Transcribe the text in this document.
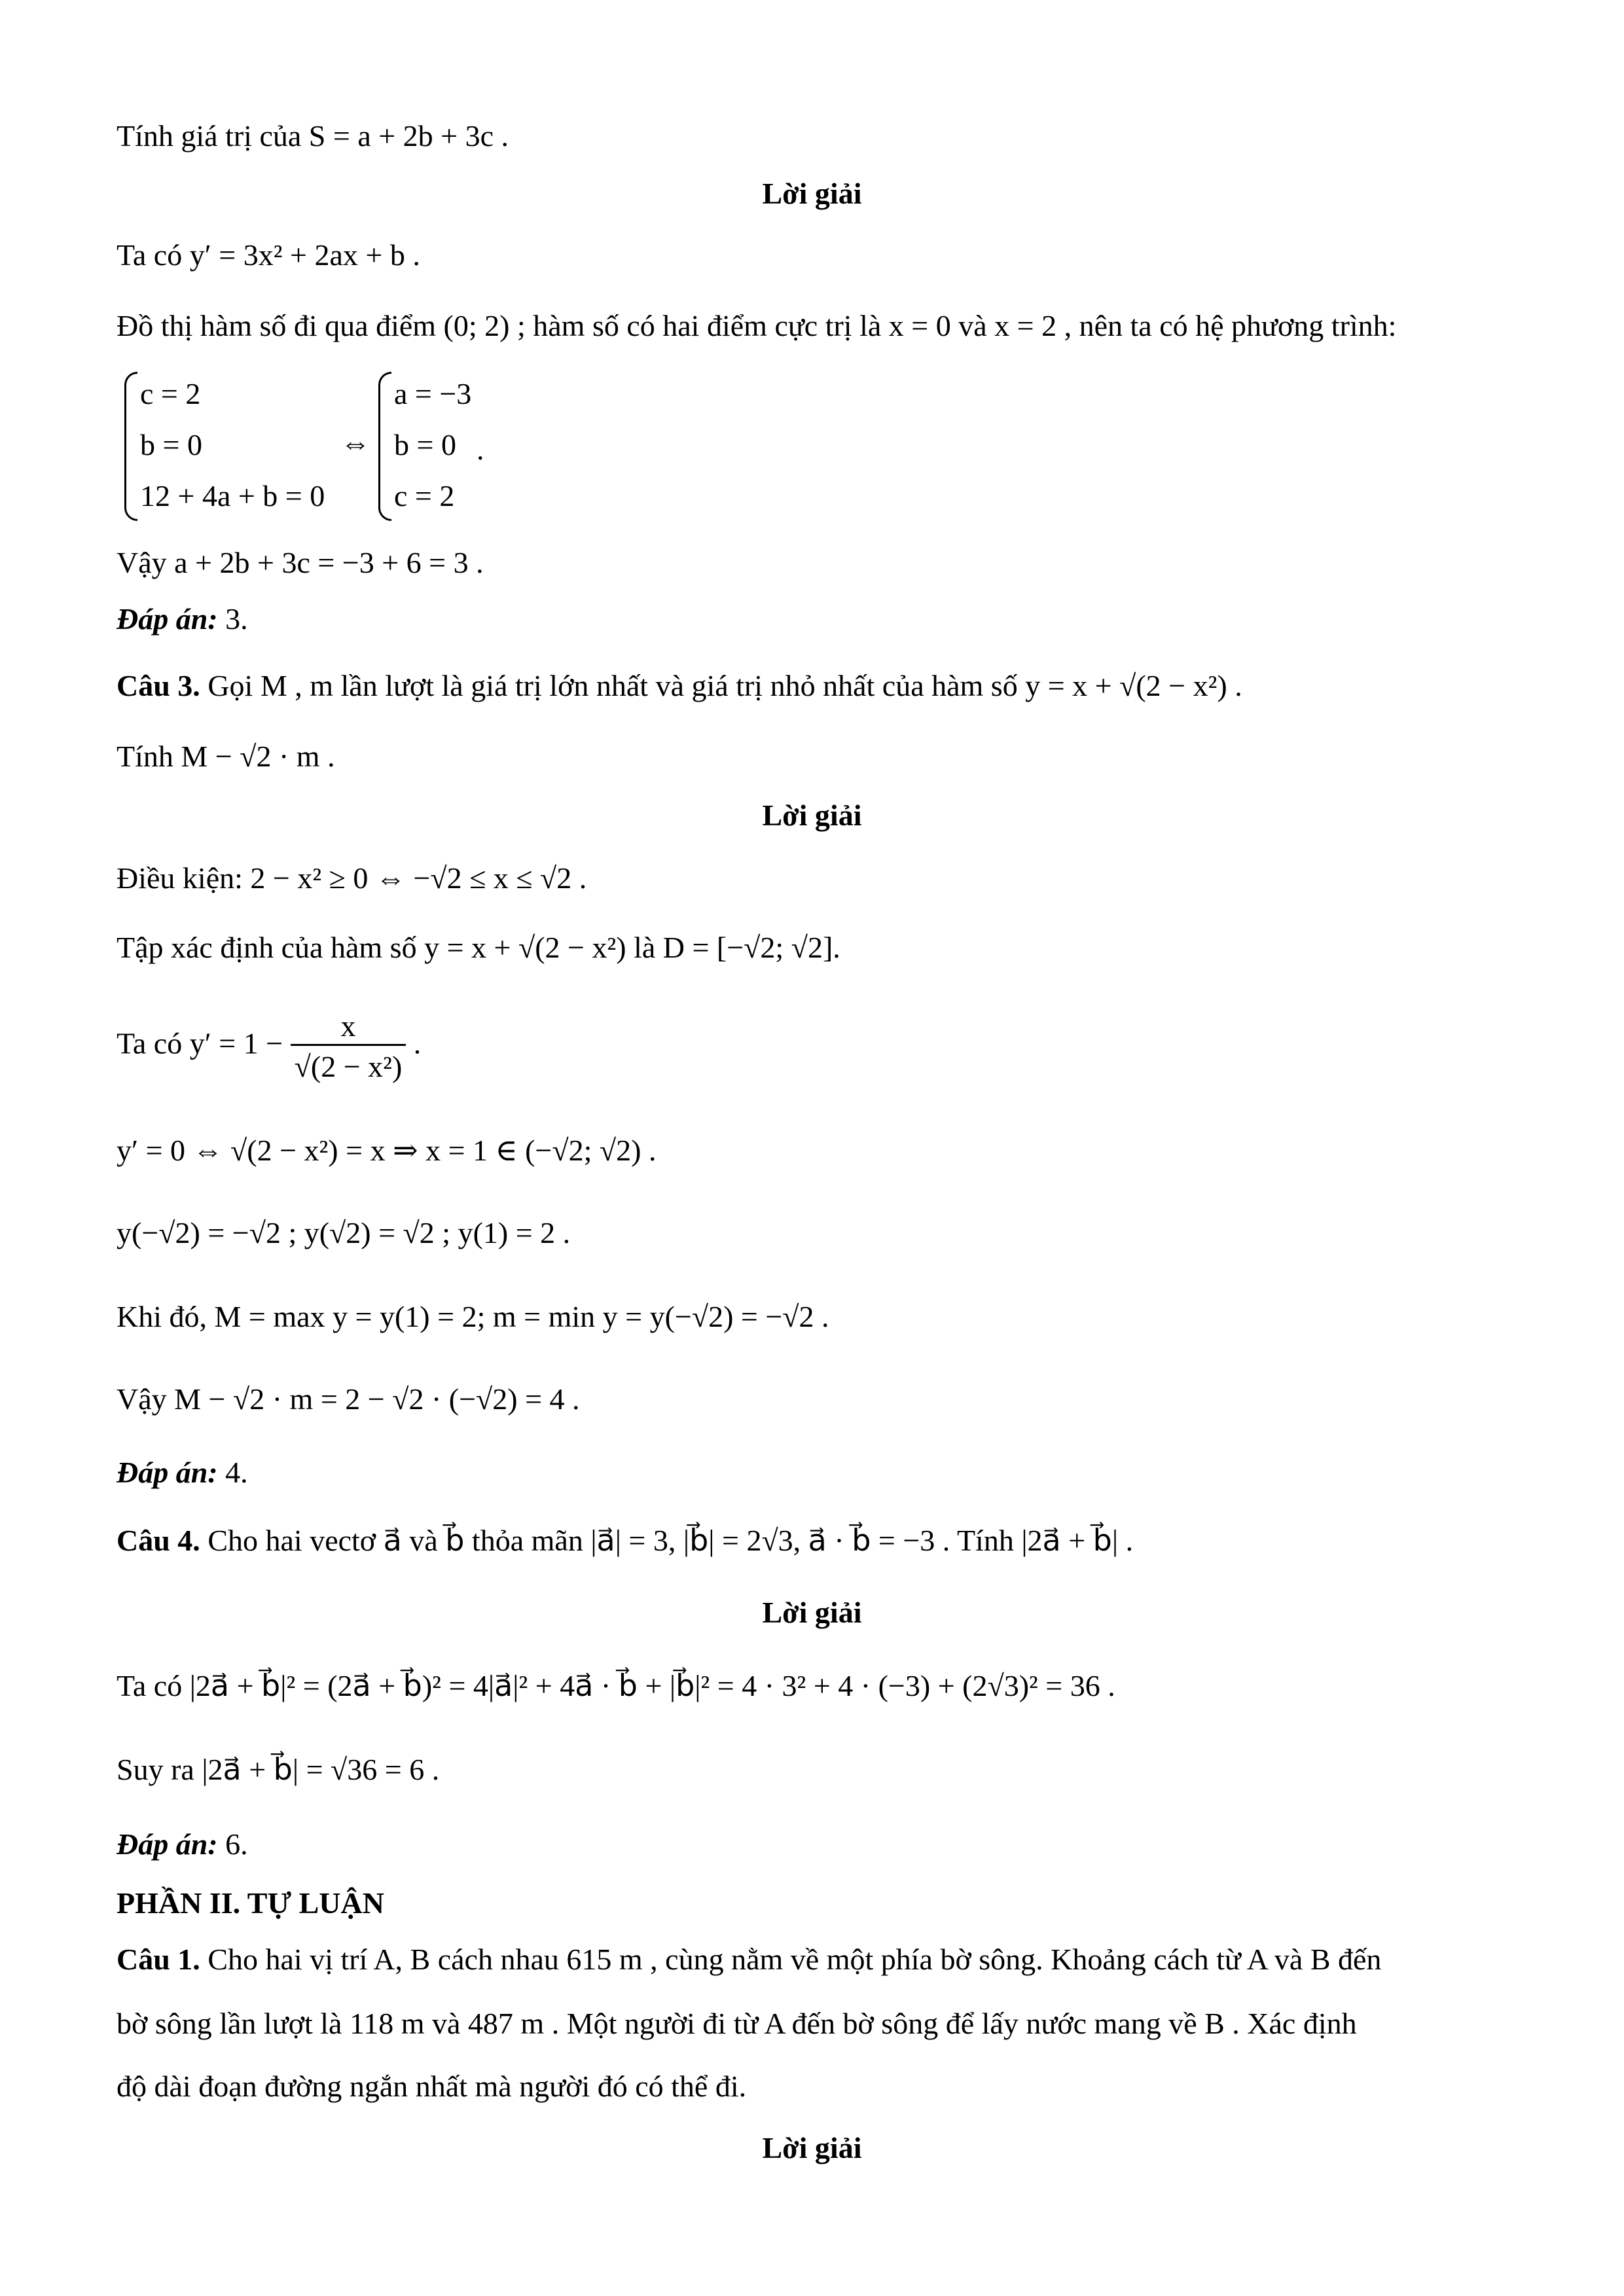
Tính giá trị của S = a + 2b + 3c .
Lời giải
Ta có y′ = 3x² + 2ax + b .
Đồ thị hàm số đi qua điểm (0; 2) ; hàm số có hai điểm cực trị là x = 0 và x = 2 , nên ta có hệ phương trình:
c = 2
b = 0
12 + 4a + b = 0
⇔
a = −3
b = 0
c = 2
.
Vậy a + 2b + 3c = −3 + 6 = 3 .
Đáp án: 3.
Câu 3. Gọi M , m lần lượt là giá trị lớn nhất và giá trị nhỏ nhất của hàm số y = x + √(2 − x²) .
Tính M − √2 · m .
Lời giải
Điều kiện: 2 − x² ≥ 0 ⇔ −√2 ≤ x ≤ √2 .
Tập xác định của hàm số y = x + √(2 − x²) là D = [−√2; √2].
Ta có $y' = 1 - \frac{x}{\text{√(2 − x²)}}$ .
y′ = 0 ⇔ √(2 − x²) = x ⇒ x = 1 ∈ (−√2; √2) .
y(−√2) = −√2 ; y(√2) = √2 ; y(1) = 2 .
Khi đó, M = max y = y(1) = 2; m = min y = y(−√2) = −√2 .
Vậy M − √2 · m = 2 − √2 · (−√2) = 4 .
Đáp án: 4.
Câu 4. Cho hai vectơ a⃗ và b⃗ thỏa mãn |a⃗| = 3, |b⃗| = 2√3, a⃗ · b⃗ = −3 . Tính |2a⃗ + b⃗| .
Lời giải
Ta có |2a⃗ + b⃗|² = (2a⃗ + b⃗)² = 4|a⃗|² + 4a⃗ · b⃗ + |b⃗|² = 4 · 3² + 4 · (−3) + (2√3)² = 36 .
Suy ra |2a⃗ + b⃗| = √36 = 6 .
Đáp án: 6.
PHẦN II. TỰ LUẬN
Câu 1. Cho hai vị trí A, B cách nhau 615 m , cùng nằm về một phía bờ sông. Khoảng cách từ A và B đến
bờ sông lần lượt là 118 m và 487 m . Một người đi từ A đến bờ sông để lấy nước mang về B . Xác định
độ dài đoạn đường ngắn nhất mà người đó có thể đi.
Lời giải
